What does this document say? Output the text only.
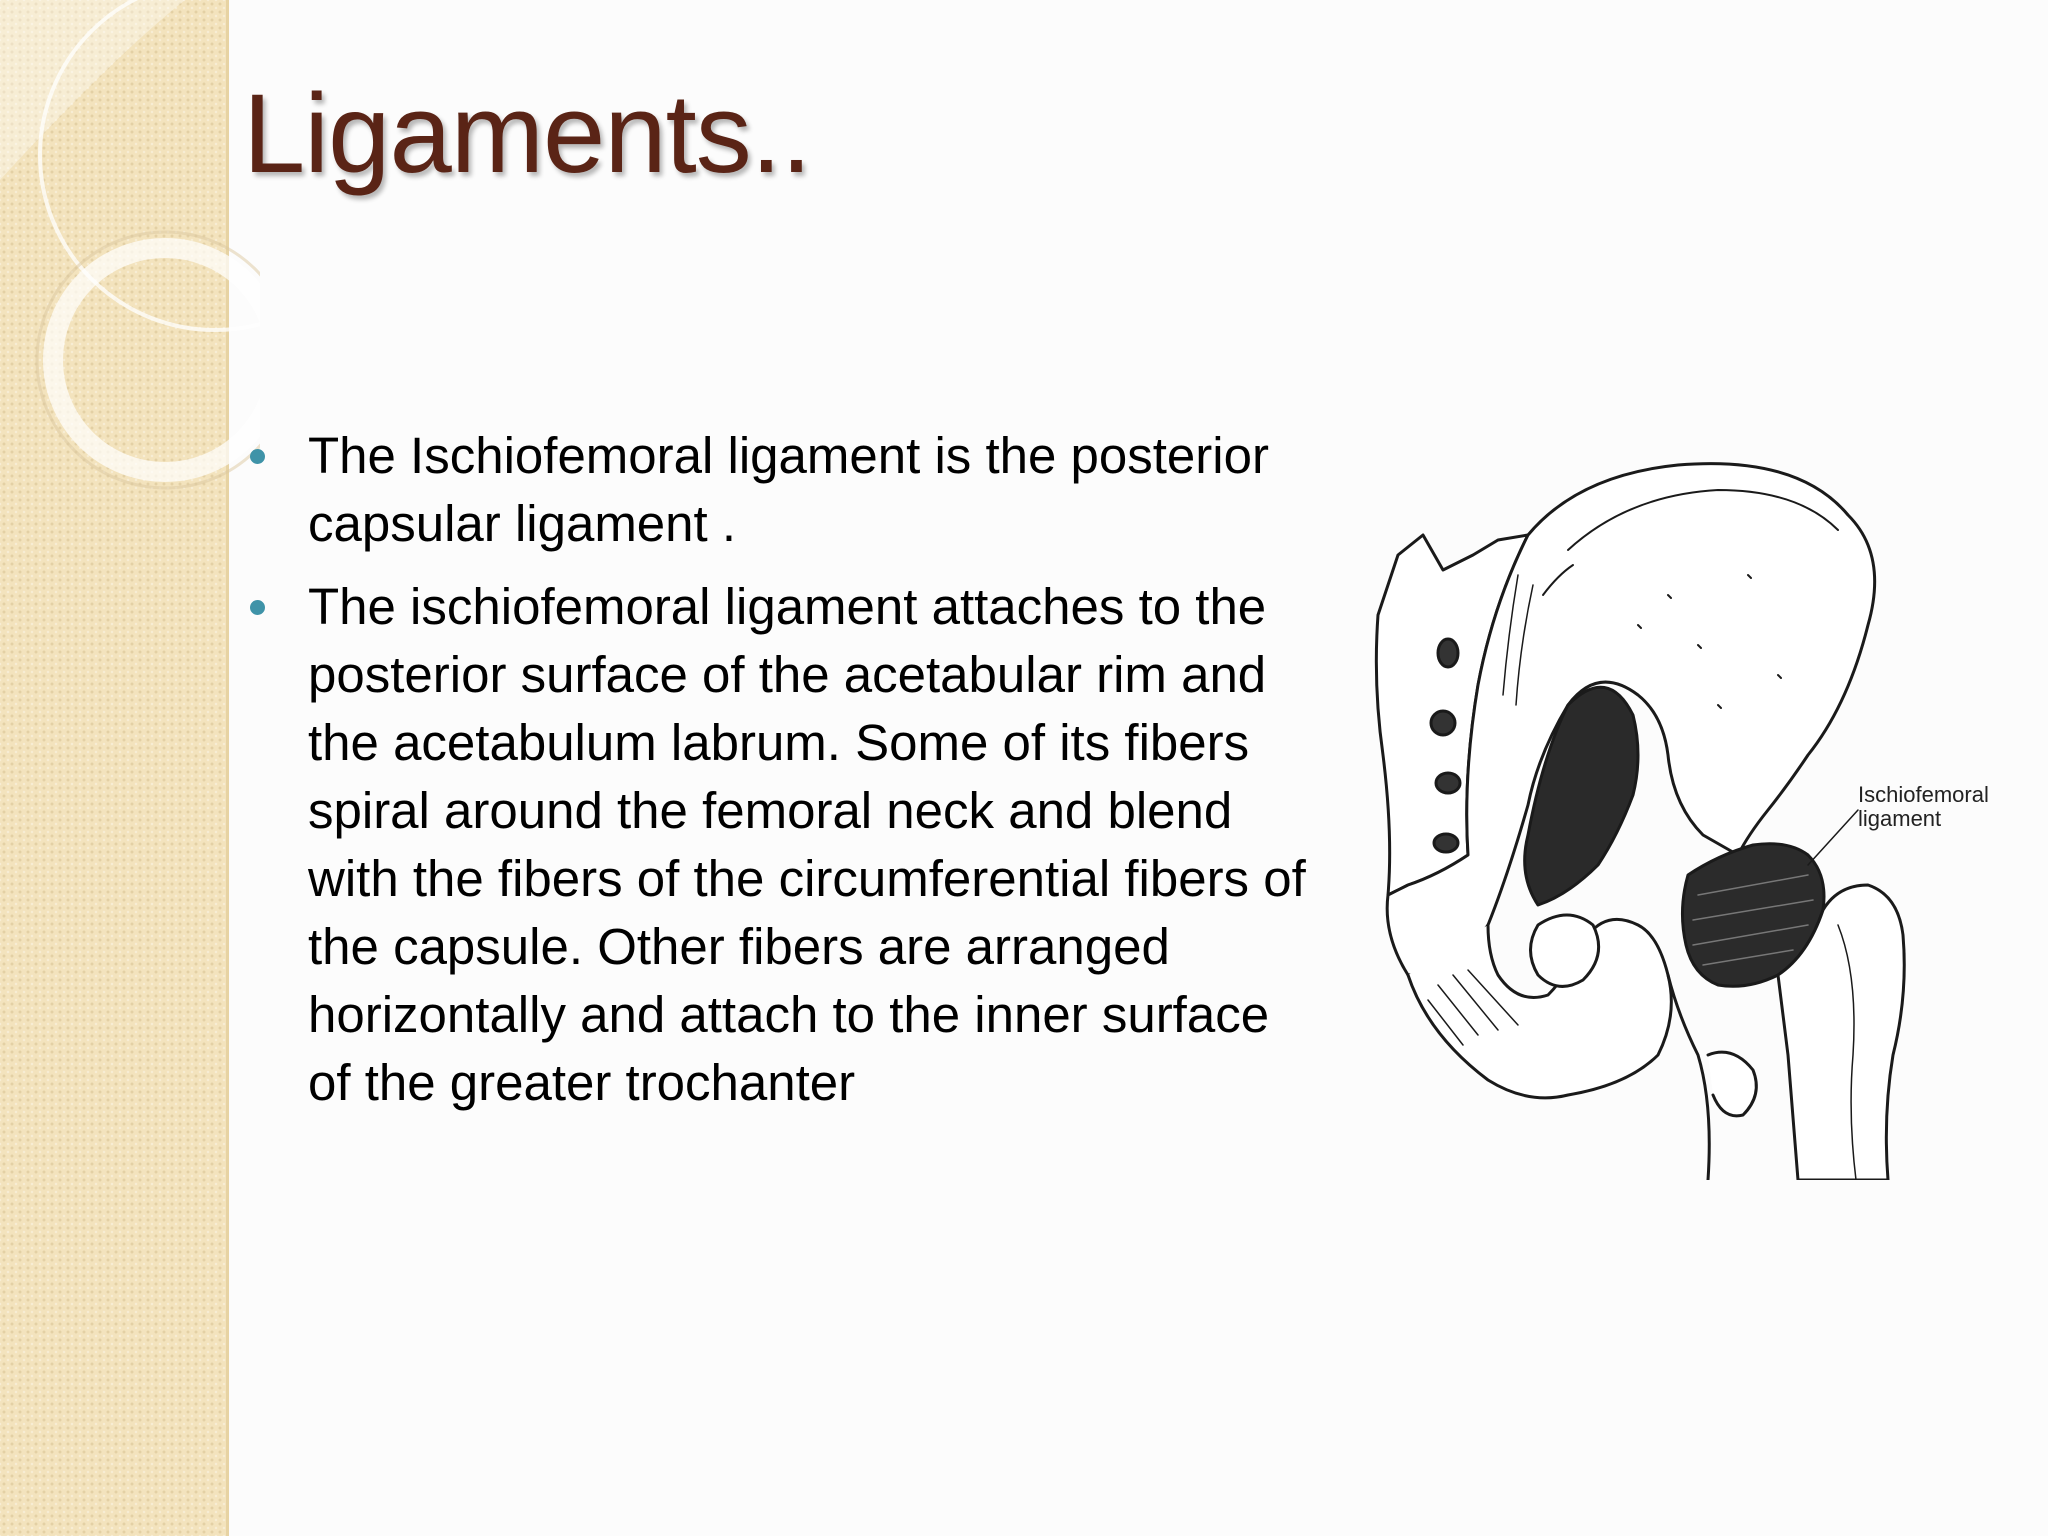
Ligaments..
The Ischiofemoral ligament is the posterior capsular ligament .
The ischiofemoral ligament attaches to the posterior surface of the acetabular rim and the acetabulum labrum. Some of its fibers spiral around the femoral neck and blend with the fibers of the circumferential fibers of the capsule. Other fibers are arranged horizontally and attach to the inner surface of the greater trochanter
Ischiofemoral
ligament
